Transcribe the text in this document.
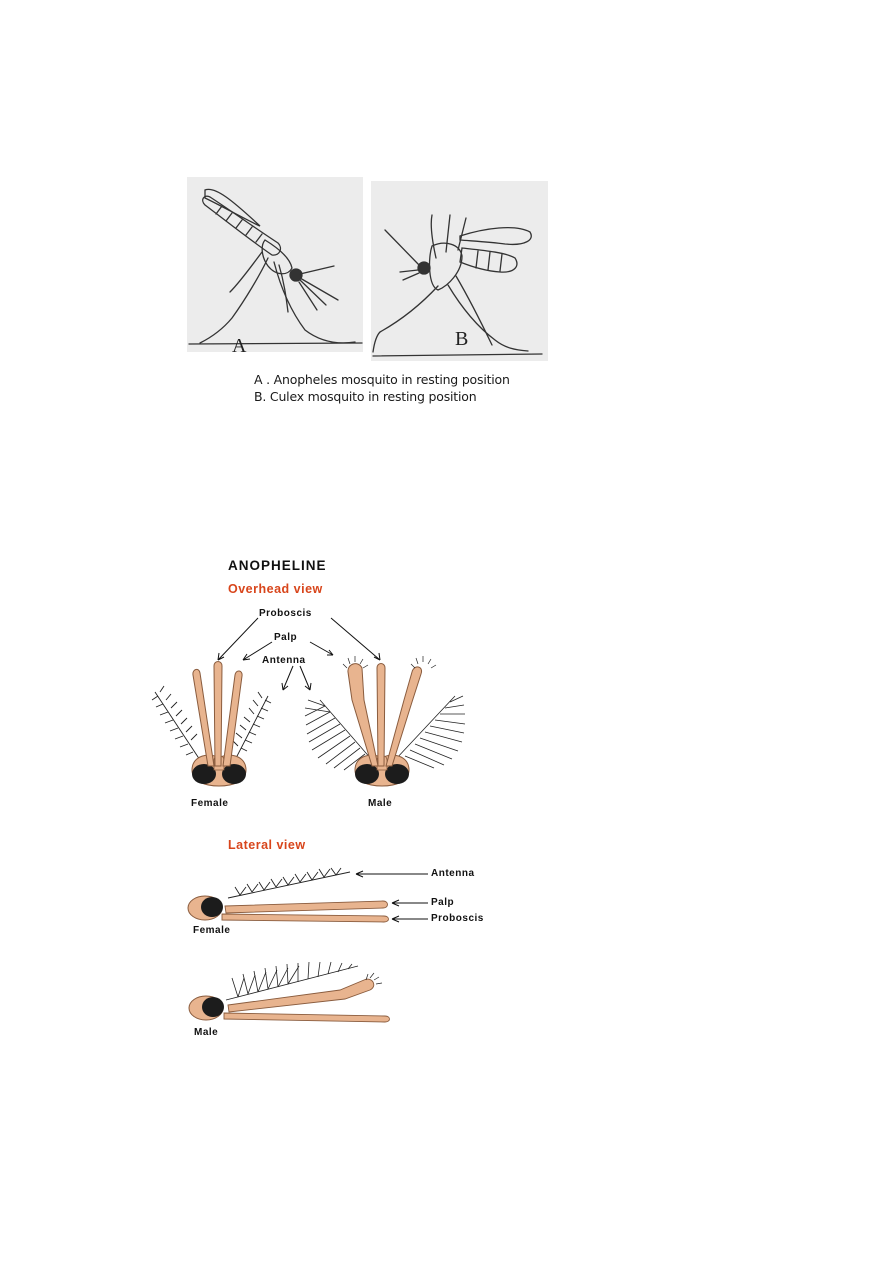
A	B
A . Anopheles mosquito in resting position
B. Culex mosquito in resting position
ANOPHELINE
Overhead view
Proboscis
Palp
Antenna
Female	Male
Lateral view
Antenna
Palp
Proboscis
Female
Male
